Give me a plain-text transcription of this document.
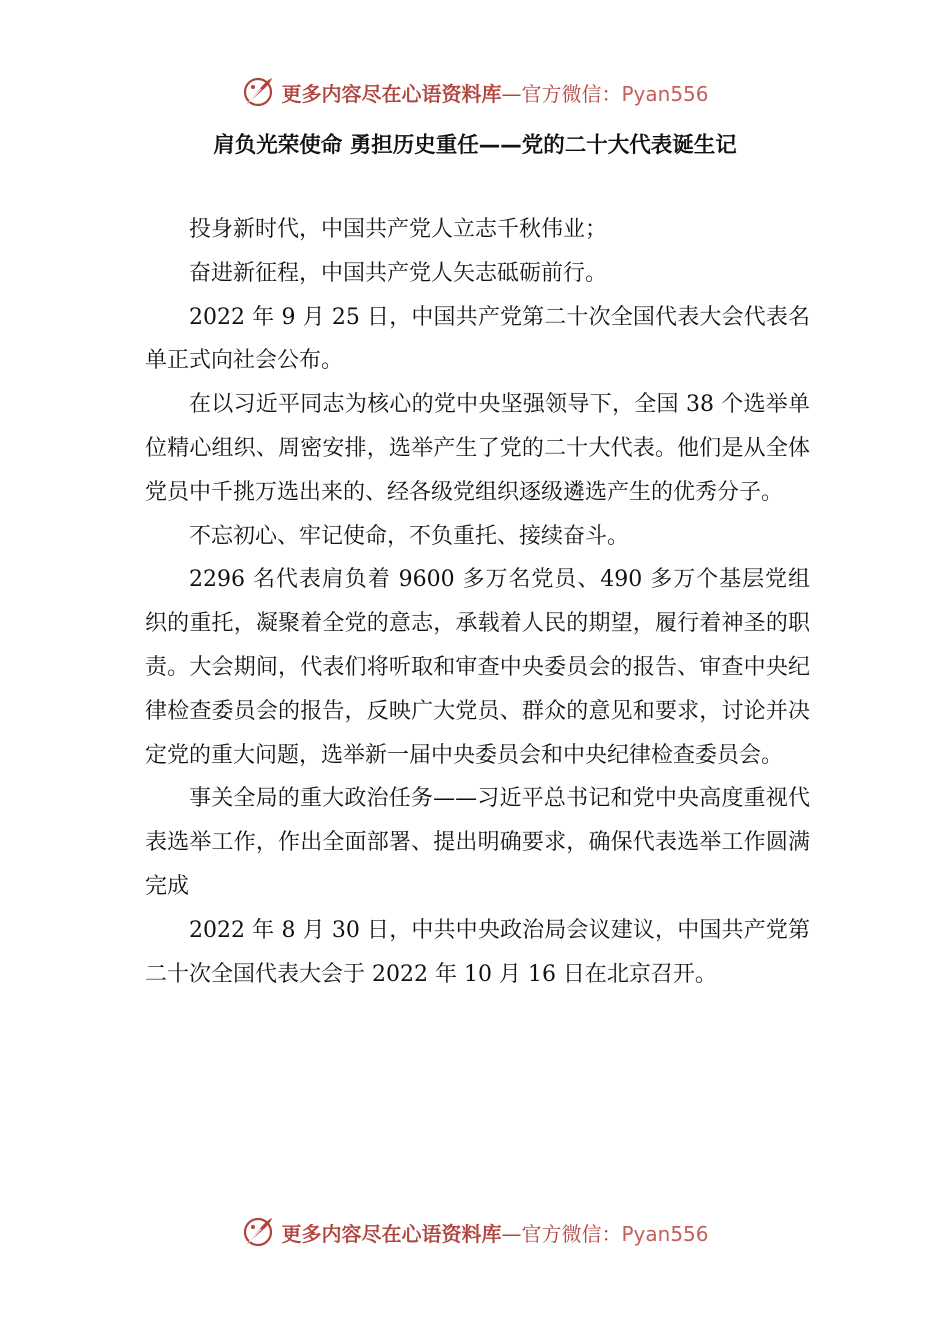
更多内容尽在心语资料库—官方微信：Pyan556
肩负光荣使命 勇担历史重任——党的二十大代表诞生记

投身新时代，中国共产党人立志千秋伟业；

奋进新征程，中国共产党人矢志砥砺前行。

2022 年 9 月 25 日，中国共产党第二十次全国代表大会代表名单正式向社会公布。

在以习近平同志为核心的党中央坚强领导下，全国 38 个选举单位精心组织、周密安排，选举产生了党的二十大代表。他们是从全体党员中千挑万选出来的、经各级党组织逐级遴选产生的优秀分子。

不忘初心、牢记使命，不负重托、接续奋斗。

2296 名代表肩负着 9600 多万名党员、490 多万个基层党组织的重托，凝聚着全党的意志，承载着人民的期望，履行着神圣的职责。大会期间，代表们将听取和审查中央委员会的报告、审查中央纪律检查委员会的报告，反映广大党员、群众的意见和要求，讨论并决定党的重大问题，选举新一届中央委员会和中央纪律检查委员会。

事关全局的重大政治任务——习近平总书记和党中央高度重视代表选举工作，作出全面部署、提出明确要求，确保代表选举工作圆满完成

2022 年 8 月 30 日，中共中央政治局会议建议，中国共产党第二十次全国代表大会于 2022 年 10 月 16 日在北京召开。

更多内容尽在心语资料库—官方微信：Pyan556
